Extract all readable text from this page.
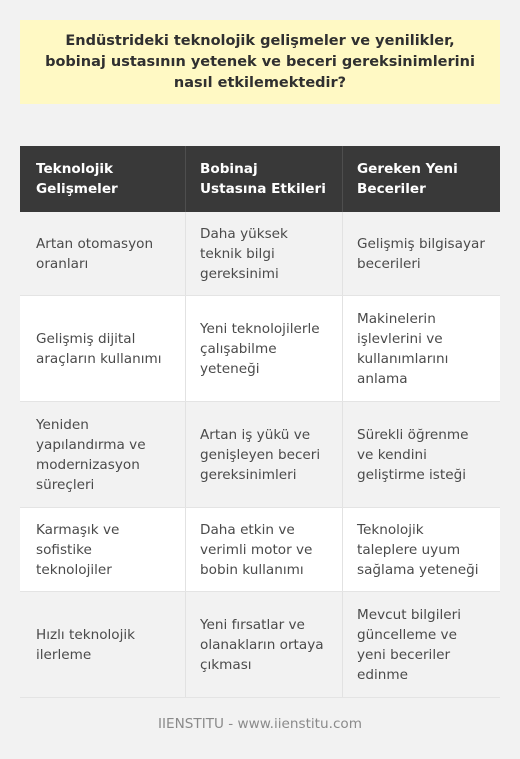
Endüstrideki teknolojik gelişmeler ve yenilikler, bobinaj ustasının yetenek ve beceri gereksinimlerini nasıl etkilemektedir?
Teknolojik Gelişmeler
Bobinaj Ustasına Etkileri
Gereken Yeni Beceriler
Artan otomasyon oranları
Daha yüksek teknik bilgi gereksinimi
Gelişmiş bilgisayar becerileri
Gelişmiş dijital araçların kullanımı
Yeni teknolojilerle çalışabilme yeteneği
Makinelerin işlevlerini ve kullanımlarını anlama
Yeniden yapılandırma ve modernizasyon süreçleri
Artan iş yükü ve genişleyen beceri gereksinimleri
Sürekli öğrenme ve kendini geliştirme isteği
Karmaşık ve sofistike teknolojiler
Daha etkin ve verimli motor ve bobin kullanımı
Teknolojik taleplere uyum sağlama yeteneği
Hızlı teknolojik ilerleme
Yeni fırsatlar ve olanakların ortaya çıkması
Mevcut bilgileri güncelleme ve yeni beceriler edinme
IIENSTITU - www.iienstitu.com
